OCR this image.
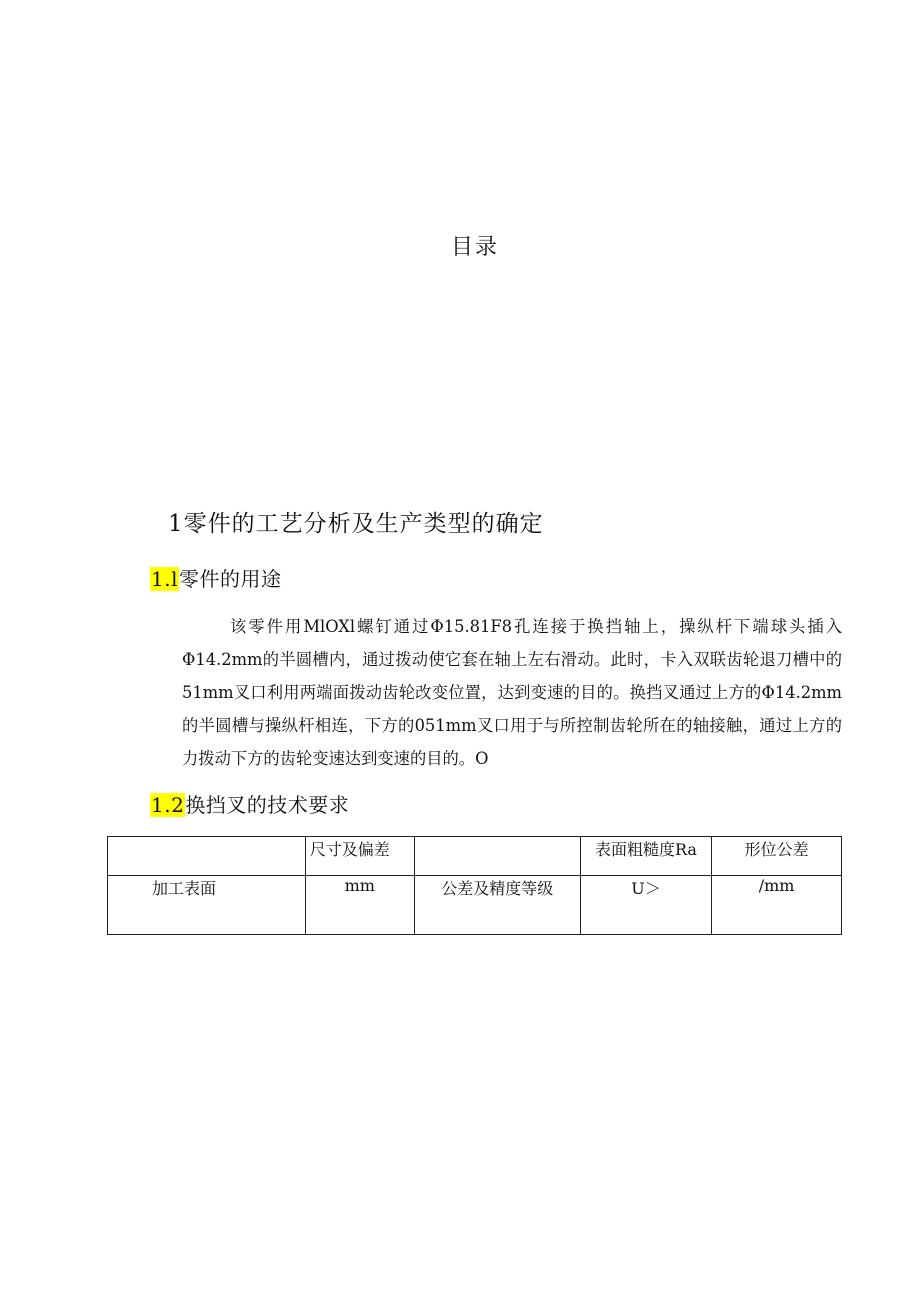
目录
1零件的工艺分析及生产类型的确定
1.l零件的用途

该零件用MlOXl螺钉通过Φ15.81F8孔连接于换挡轴上，操纵杆下端球头插入Φ14.2mm的半圆槽内，通过拨动使它套在轴上左右滑动。此时，卡入双联齿轮退刀槽中的51mm叉口利用两端面拨动齿轮改变位置，达到变速的目的。换挡叉通过上方的Φ14.2mm的半圆槽与操纵杆相连，下方的051mm叉口用于与所控制齿轮所在的轴接触，通过上方的力拨动下方的齿轮变速达到变速的目的。O

1.2换挡叉的技术要求
	尺寸及偏差		表面粗糙度Ra	形位公差
加工表面	mm	公差及精度等级	U＞	/mm
